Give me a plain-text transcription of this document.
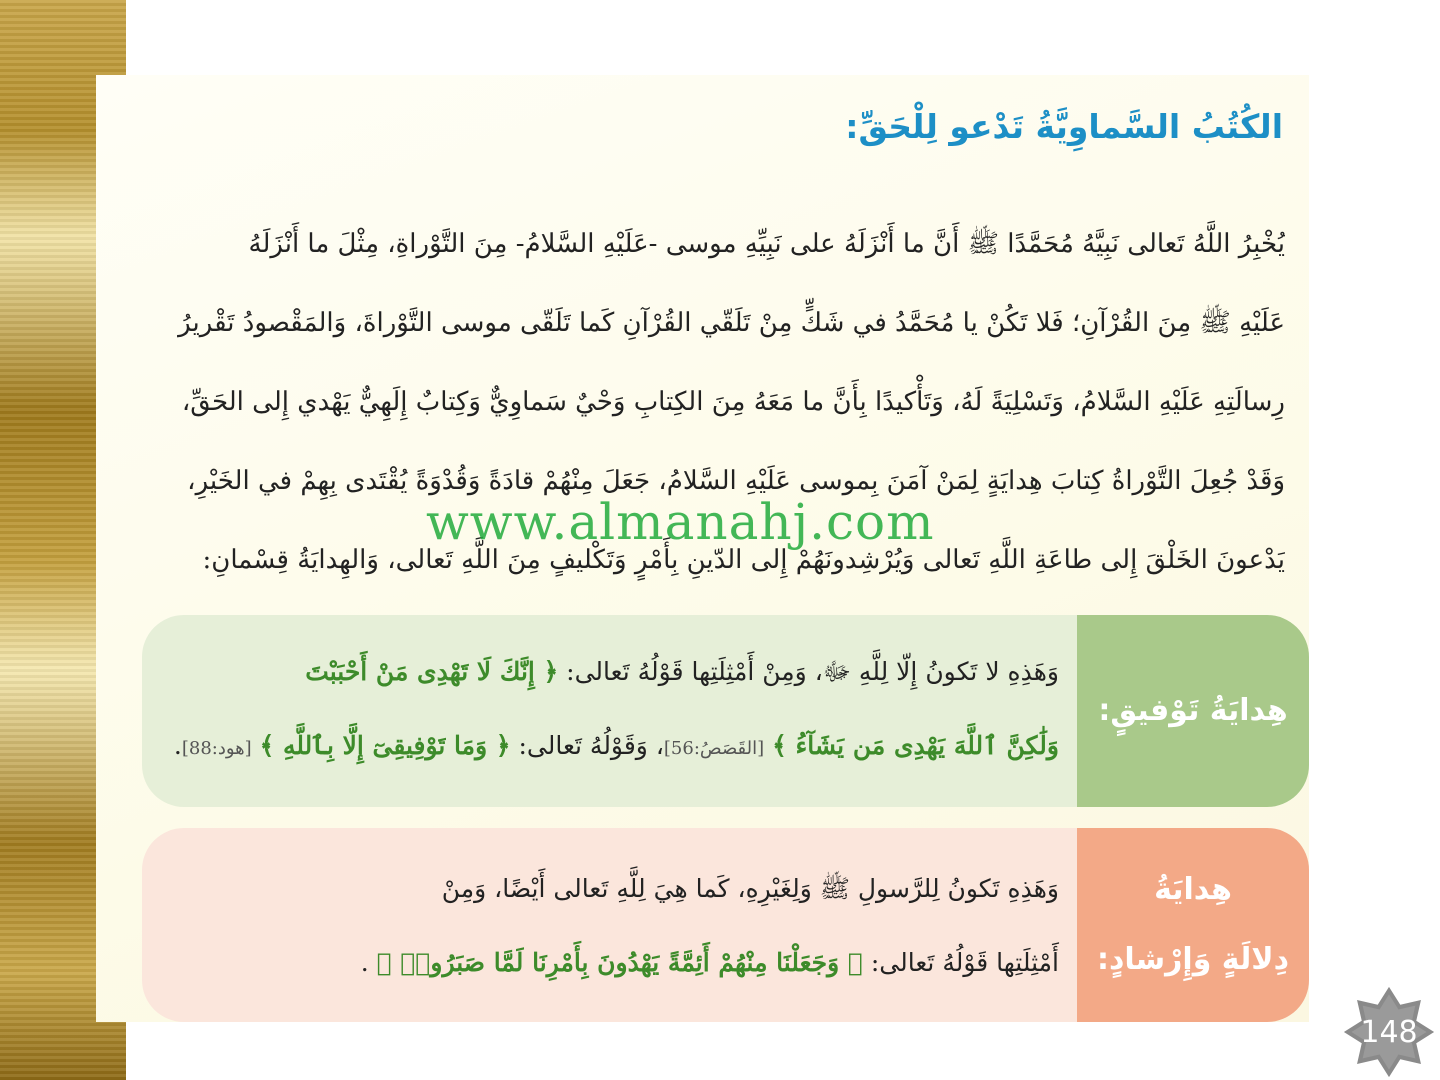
الكُتُبُ السَّماوِيَّةُ تَدْعو لِلْحَقِّ:
يُخْبِرُ اللَّهُ تَعالى نَبِيَّهُ مُحَمَّدًا ﷺ أَنَّ ما أَنْزَلَهُ على نَبِيِّهِ موسى -عَلَيْهِ السَّلامُ- مِنَ التَّوْراةِ، مِثْلَ ما أَنْزَلَهُ
عَلَيْهِ ﷺ مِنَ القُرْآنِ؛ فَلا تَكُنْ يا مُحَمَّدُ في شَكٍّ مِنْ تَلَقّي القُرْآنِ كَما تَلَقّى موسى التَّوْراةَ، وَالمَقْصودُ تَقْريرُ
رِسالَتِهِ عَلَيْهِ السَّلامُ، وَتَسْلِيَةً لَهُ، وَتَأْكيدًا بِأَنَّ ما مَعَهُ مِنَ الكِتابِ وَحْيٌ سَماوِيٌّ وَكِتابٌ إِلَهِيٌّ يَهْدي إِلى الحَقِّ،
وَقَدْ جُعِلَ التَّوْراةُ كِتابَ هِدايَةٍ لِمَنْ آمَنَ بِموسى عَلَيْهِ السَّلامُ، جَعَلَ مِنْهُمْ قادَةً وَقُدْوَةً يُقْتَدى بِهِمْ في الخَيْرِ،
يَدْعونَ الخَلْقَ إِلى طاعَةِ اللَّهِ تَعالى وَيُرْشِدونَهُمْ إِلى الدّينِ بِأَمْرٍ وَتَكْليفٍ مِنَ اللَّهِ تَعالى، وَالهِدايَةُ قِسْمانِ:
www.almanahj.com
هِدايَةُ تَوْفيقٍ:
وَهَذِهِ لا تَكونُ إِلّا لِلَّهِ ﷻ، وَمِنْ أَمْثِلَتِها قَوْلُهُ تَعالى: ﴿ إِنَّكَ لَا تَهْدِى مَنْ أَحْبَبْتَ
وَلَٰكِنَّ ٱللَّهَ يَهْدِى مَن يَشَآءُ ﴾ [القَصَصُ:56]، وَقَوْلُهُ تَعالى: ﴿ وَمَا تَوْفِيقِىٓ إِلَّا بِٱللَّهِ ﴾ [هود:88].
هِدايَةُ
دِلالَةٍ وَإِرْشادٍ:
وَهَذِهِ تَكونُ لِلرَّسولِ ﷺ وَلِغَيْرِهِ، كَما هِيَ لِلَّهِ تَعالى أَيْضًا، وَمِنْ
أَمْثِلَتِها قَوْلُهُ تَعالى: ﴿ وَجَعَلْنَا مِنْهُمْ أَئِمَّةً يَهْدُونَ بِأَمْرِنَا لَمَّا صَبَرُوا۟ ﴾ .
148
